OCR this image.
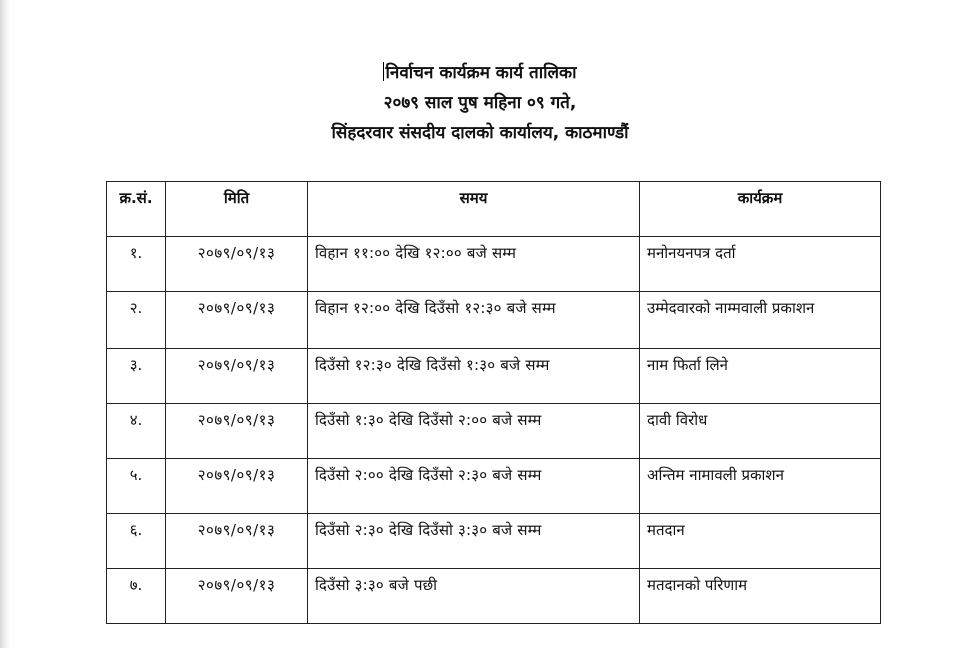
निर्वाचन कार्यक्रम कार्य तालिका
२०७९ साल पुष महिना ०९ गते,
सिंहदरवार संसदीय दालको कार्यालय, काठमाण्डौं
क्र.सं.	मिति	समय	कार्यक्रम
१.	२०७९/०९/१३	विहान ११:०० देखि १२:०० बजे सम्म	मनोनयनपत्र दर्ता
२.	२०७९/०९/१३	विहान १२:०० देखि दिउँसो १२:३० बजे सम्म	उम्मेदवारको नाम्मवाली प्रकाशन
३.	२०७९/०९/१३	दिउँसो १२:३० देखि दिउँसो १:३० बजे सम्म	नाम फिर्ता लिने
४.	२०७९/०९/१३	दिउँसो १:३० देखि दिउँसो २:०० बजे सम्म	दावी विरोध
५.	२०७९/०९/१३	दिउँसो २:०० देखि दिउँसो २:३० बजे सम्म	अन्तिम नामावली प्रकाशन
६.	२०७९/०९/१३	दिउँसो २:३० देखि दिउँसो ३:३० बजे सम्म	मतदान
७.	२०७९/०९/१३	दिउँसो ३:३० बजे पछी	मतदानको परिणाम
